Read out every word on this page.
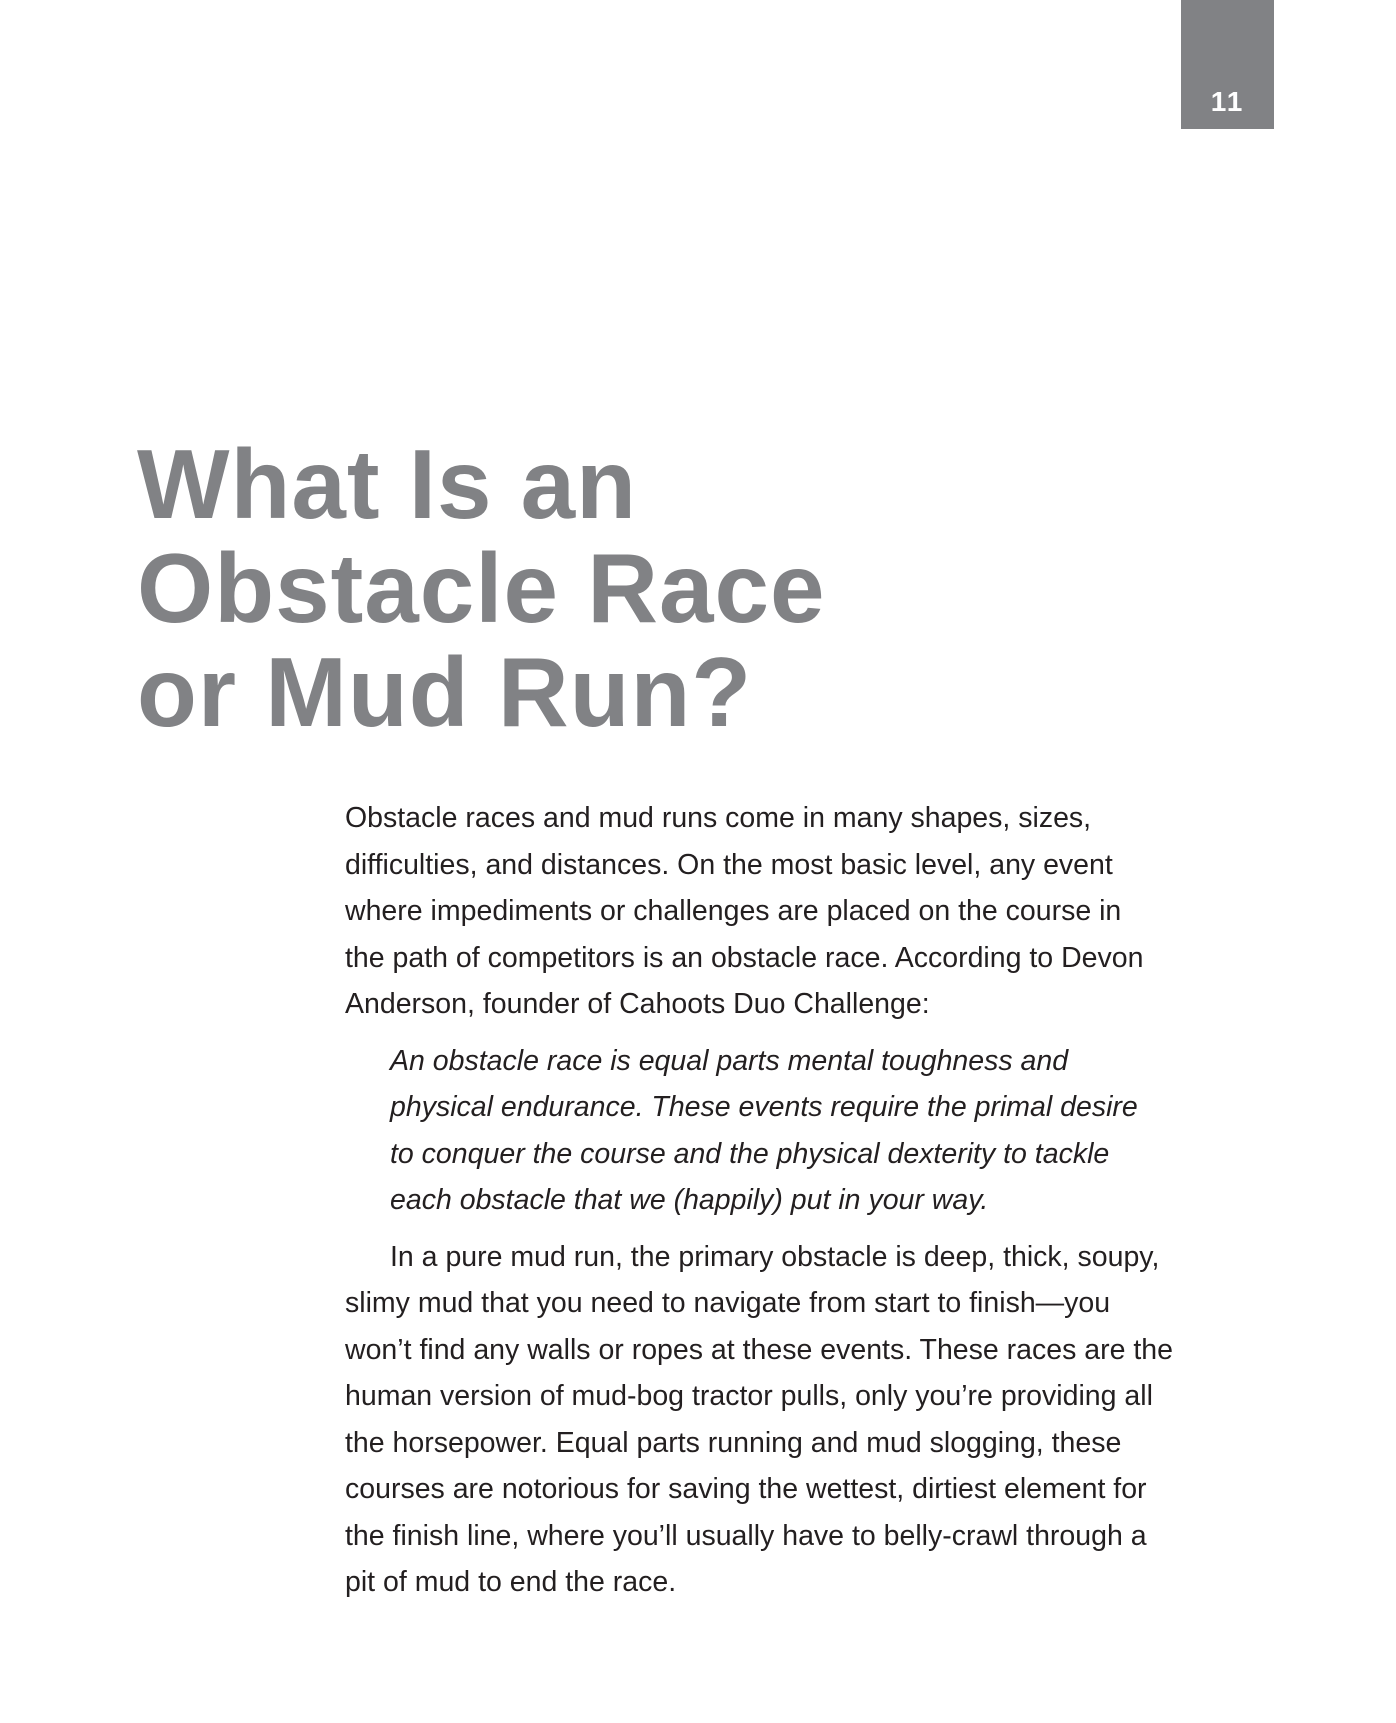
11
What Is an
Obstacle Race
or Mud Run?

Obstacle races and mud runs come in many shapes, sizes,
difficulties, and distances. On the most basic level, any event
where impediments or challenges are placed on the course in
the path of competitors is an obstacle race. According to Devon
Anderson, founder of Cahoots Duo Challenge:

An obstacle race is equal parts mental toughness and
physical endurance. These events require the primal desire
to conquer the course and the physical dexterity to tackle
each obstacle that we (happily) put in your way.

In a pure mud run, the primary obstacle is deep, thick, soupy,
slimy mud that you need to navigate from start to finish—you
won’t find any walls or ropes at these events. These races are the
human version of mud-bog tractor pulls, only you’re providing all
the horsepower. Equal parts running and mud slogging, these
courses are notorious for saving the wettest, dirtiest element for
the finish line, where you’ll usually have to belly-crawl through a
pit of mud to end the race.
